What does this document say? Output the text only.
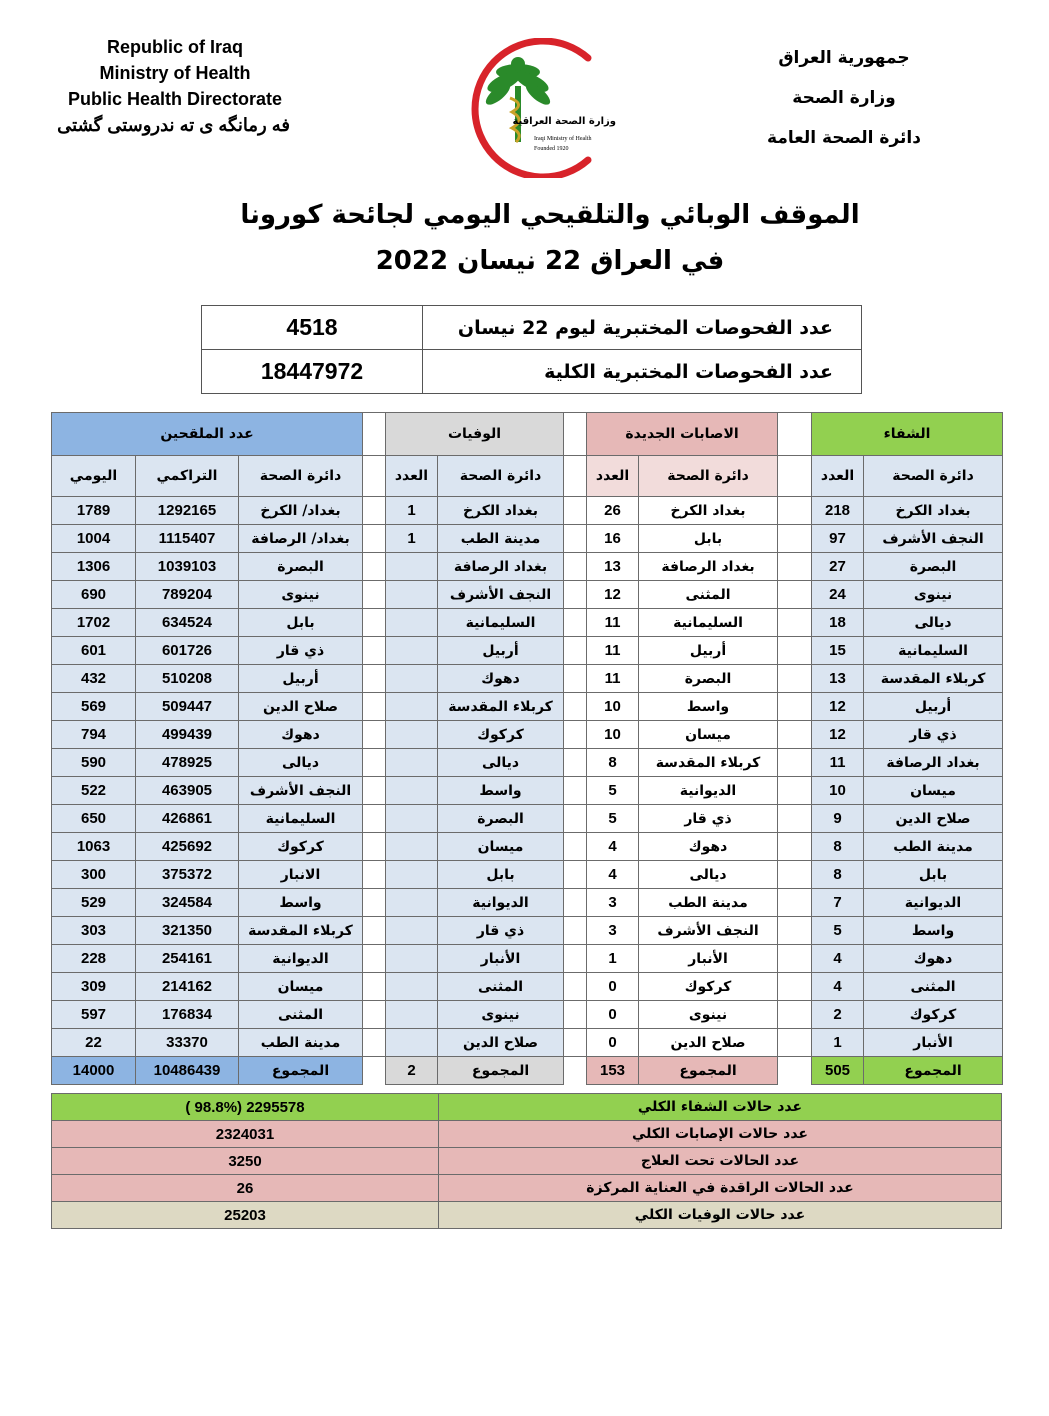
Republic of Iraq
Ministry of Health
Public Health Directorate
فه رمانگه ى ته ندروستى گشتى	وزارة الصحة العراقية
Iraqi Ministry of Health
Founded 1920
جمهورية العراق
وزارة الصحة
دائرة الصحة العامة
الموقف الوبائي والتلقيحي اليومي لجائحة كورونا
في العراق 22 نيسان 2022
4518	عدد الفحوصات المختبرية ليوم 22 نيسان
18447972	عدد الفحوصات المختبرية الكلية
عدد الملقحين				الوفيات			الاصابات الجديدة			الشفاء	
اليومي	التراكمي	دائرة الصحة		العدد	دائرة الصحة		العدد	دائرة الصحة		العدد	دائرة الصحة
1789	1292165	بغداد/ الكرخ		1	بغداد الكرخ		26	بغداد الكرخ		218	بغداد الكرخ
1004	1115407	بغداد/ الرصافة		1	مدينة الطب		16	بابل		97	النجف الأشرف
1306	1039103	البصرة			بغداد الرصافة		13	بغداد الرصافة		27	البصرة
690	789204	نينوى			النجف الأشرف		12	المثنى		24	نينوى
1702	634524	بابل			السليمانية		11	السليمانية		18	ديالى
601	601726	ذي قار			أربيل		11	أربيل		15	السليمانية
432	510208	أربيل			دهوك		11	البصرة		13	كربلاء المقدسة
569	509447	صلاح الدين			كربلاء المقدسة		10	واسط		12	أربيل
794	499439	دهوك			كركوك		10	ميسان		12	ذي قار
590	478925	ديالى			ديالى		8	كربلاء المقدسة		11	بغداد الرصافة
522	463905	النجف الأشرف			واسط		5	الديوانية		10	ميسان
650	426861	السليمانية			البصرة		5	ذي قار		9	صلاح الدين
1063	425692	كركوك			ميسان		4	دهوك		8	مدينة الطب
300	375372	الانبار			بابل		4	ديالى		8	بابل
529	324584	واسط			الديوانية		3	مدينة الطب		7	الديوانية
303	321350	كربلاء المقدسة			ذي قار		3	النجف الأشرف		5	واسط
228	254161	الديوانية			الأنبار		1	الأنبار		4	دهوك
309	214162	ميسان			المثنى		0	كركوك		4	المثنى
597	176834	المثنى			نينوى		0	نينوى		2	كركوك
22	33370	مدينة الطب			صلاح الدين		0	صلاح الدين		1	الأنبار
14000	10486439	المجموع		2	المجموع		153	المجموع		505	المجموع
( 98.8%) 2295578	عدد حالات الشفاء الكلي
2324031	عدد حالات الإصابات الكلي
3250	عدد الحالات تحت العلاج
26	عدد الحالات الراقدة في العناية المركزة
25203	عدد حالات الوفيات الكلي
